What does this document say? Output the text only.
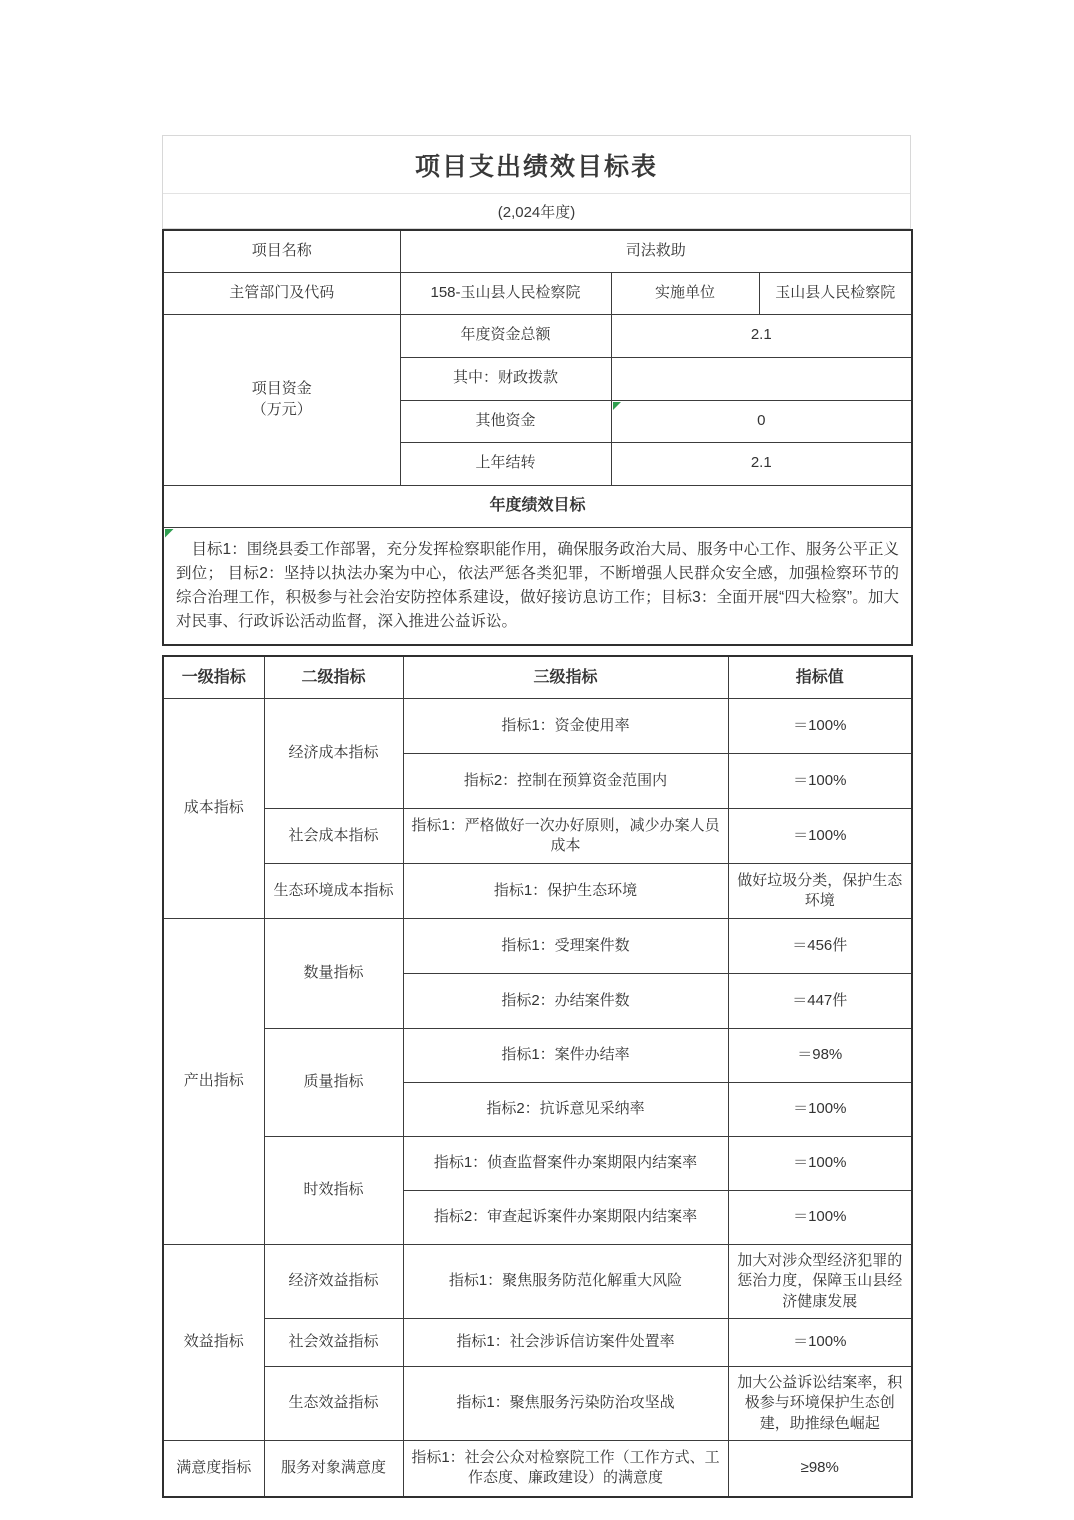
项目支出绩效目标表
(2,024年度)
项目名称	司法救助		
主管部门及代码	158-玉山县人民检察院	实施单位	玉山县人民检察院
项目资金
（万元）	年度资金总额	2.1	
	其中：财政拨款		
	其他资金	0	
	上年结转	2.1	
年度绩效目标			

目标1：围绕县委工作部署，充分发挥检察职能作用，确保服务政治大局、服务中心工作、服务公平正义到位； 目标2：坚持以执法办案为中心，依法严惩各类犯罪，不断增强人民群众安全感，加强检察环节的综合治理工作，积极参与社会治安防控体系建设，做好接访息访工作；目标3：全面开展“四大检察”。加大对民事、行政诉讼活动监督，深入推进公益诉讼。			
一级指标	二级指标	三级指标	指标值
成本指标	经济成本指标	指标1：资金使用率	＝100%
		指标2：控制在预算资金范围内	＝100%
	社会成本指标	指标1：严格做好一次办好原则，减少办案人员成本	＝100%
	生态环境成本指标	指标1：保护生态环境	做好垃圾分类，保护生态环境
产出指标	数量指标	指标1：受理案件数	＝456件
		指标2：办结案件数	＝447件
	质量指标	指标1：案件办结率	＝98%
		指标2：抗诉意见采纳率	＝100%
	时效指标	指标1：侦查监督案件办案期限内结案率	＝100%
		指标2：审查起诉案件办案期限内结案率	＝100%
效益指标	经济效益指标	指标1：聚焦服务防范化解重大风险	加大对涉众型经济犯罪的惩治力度，保障玉山县经济健康发展
	社会效益指标	指标1：社会涉诉信访案件处置率	＝100%
	生态效益指标	指标1：聚焦服务污染防治攻坚战	加大公益诉讼结案率，积极参与环境保护生态创建，助推绿色崛起
满意度指标	服务对象满意度	指标1：社会公众对检察院工作（工作方式、工作态度、廉政建设）的满意度	≥98%
